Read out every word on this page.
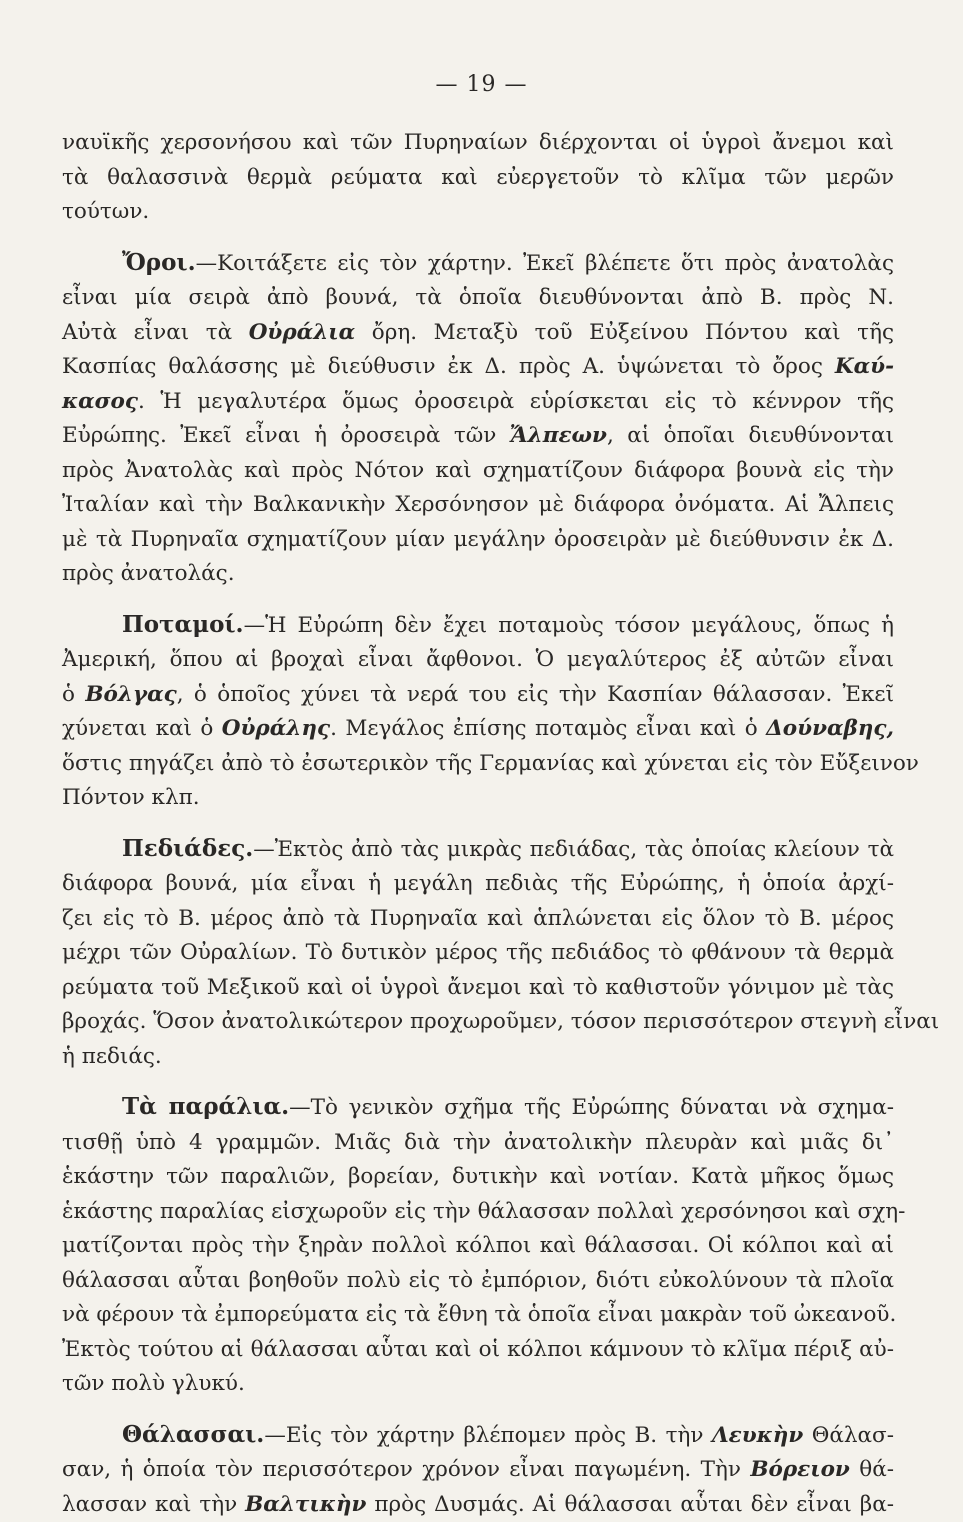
— 19 —

ναυϊκῆς χερσονήσου καὶ τῶν Πυρηναίων διέρχονται οἱ ὑγροὶ ἄνεμοι καὶ
τὰ θαλασσινὰ θερμὰ ρεύματα καὶ εὐεργετοῦν τὸ κλῖμα τῶν μερῶν
τούτων.

Ὄροι.—Κοιτάξετε εἰς τὸν χάρτην. Ἐκεῖ βλέπετε ὅτι πρὸς ἀνατολὰς
εἶναι μία σειρὰ ἀπὸ βουνά, τὰ ὁποῖα διευθύνονται ἀπὸ Β. πρὸς Ν.
Αὐτὰ εἶναι τὰ Οὐράλια ὄρη. Μεταξὺ τοῦ Εὐξείνου Πόντου καὶ τῆς
Κασπίας θαλάσσης μὲ διεύθυσιν ἐκ Δ. πρὸς Α. ὑψώνεται τὸ ὄρος Καύ-
κασος. Ἡ μεγαλυτέρα ὅμως ὀροσειρὰ εὑρίσκεται εἰς τὸ κέννρον τῆς
Εὐρώπης. Ἐκεῖ εἶναι ἡ ὀροσειρὰ τῶν Ἄλπεων, αἱ ὁποῖαι διευθύνονται
πρὸς Ἀνατολὰς καὶ πρὸς Νότον καὶ σχηματίζουν διάφορα βουνὰ εἰς τὴν
Ἰταλίαν καὶ τὴν Βαλκανικὴν Χερσόνησον μὲ διάφορα ὀνόματα. Αἱ Ἄλπεις
μὲ τὰ Πυρηναῖα σχηματίζουν μίαν μεγάλην ὀροσειρὰν μὲ διεύθυνσιν ἐκ Δ.
πρὸς ἀνατολάς.

Ποταμοί.—Ἡ Εὐρώπη δὲν ἔχει ποταμοὺς τόσον μεγάλους, ὅπως ἡ
Ἀμερική, ὅπου αἱ βροχαὶ εἶναι ἄφθονοι. Ὁ μεγαλύτερος ἐξ αὐτῶν εἶναι
ὁ Βόλγας, ὁ ὁποῖος χύνει τὰ νερά του εἰς τὴν Κασπίαν θάλασσαν. Ἐκεῖ
χύνεται καὶ ὁ Οὐράλης. Μεγάλος ἐπίσης ποταμὸς εἶναι καὶ ὁ Δούναβης,
ὅστις πηγάζει ἀπὸ τὸ ἐσωτερικὸν τῆς Γερμανίας καὶ χύνεται εἰς τὸν Εὔξεινον
Πόντον κλπ.

Πεδιάδες.—Ἐκτὸς ἀπὸ τὰς μικρὰς πεδιάδας, τὰς ὁποίας κλείουν τὰ
διάφορα βουνά, μία εἶναι ἡ μεγάλη πεδιὰς τῆς Εὐρώπης, ἡ ὁποία ἀρχί-
ζει εἰς τὸ Β. μέρος ἀπὸ τὰ Πυρηναῖα καὶ ἁπλώνεται εἰς ὅλον τὸ Β. μέρος
μέχρι τῶν Οὐραλίων. Τὸ δυτικὸν μέρος τῆς πεδιάδος τὸ φθάνουν τὰ θερμὰ
ρεύματα τοῦ Μεξικοῦ καὶ οἱ ὑγροὶ ἄνεμοι καὶ τὸ καθιστοῦν γόνιμον μὲ τὰς
βροχάς. Ὅσον ἀνατολικώτερον προχωροῦμεν, τόσον περισσότερον στεγνὴ εἶναι
ἡ πεδιάς.

Τὰ παράλια.—Τὸ γενικὸν σχῆμα τῆς Εὐρώπης δύναται νὰ σχημα-
τισθῇ ὑπὸ 4 γραμμῶν. Μιᾶς διὰ τὴν ἀνατολικὴν πλευρὰν καὶ μιᾶς δι᾿
ἑκάστην τῶν παραλιῶν, βορείαν, δυτικὴν καὶ νοτίαν. Κατὰ μῆκος ὅμως
ἑκάστης παραλίας εἰσχωροῦν εἰς τὴν θάλασσαν πολλαὶ χερσόνησοι καὶ σχη-
ματίζονται πρὸς τὴν ξηρὰν πολλοὶ κόλποι καὶ θάλασσαι. Οἱ κόλποι καὶ αἱ
θάλασσαι αὗται βοηθοῦν πολὺ εἰς τὸ ἐμπόριον, διότι εὐκολύνουν τὰ πλοῖα
νὰ φέρουν τὰ ἐμπορεύματα εἰς τὰ ἔθνη τὰ ὁποῖα εἶναι μακρὰν τοῦ ὠκεανοῦ.
Ἐκτὸς τούτου αἱ θάλασσαι αὗται καὶ οἱ κόλποι κάμνουν τὸ κλῖμα πέριξ αὐ-
τῶν πολὺ γλυκύ.

Θάλασσαι.—Εἰς τὸν χάρτην βλέπομεν πρὸς Β. τὴν Λευκὴν Θάλασ-
σαν, ἡ ὁποία τὸν περισσότερον χρόνον εἶναι παγωμένη. Τὴν Βόρειον θά-
λασσαν καὶ τὴν Βαλτικὴν πρὸς Δυσμάς. Αἱ θάλασσαι αὗται δὲν εἶναι βα-
